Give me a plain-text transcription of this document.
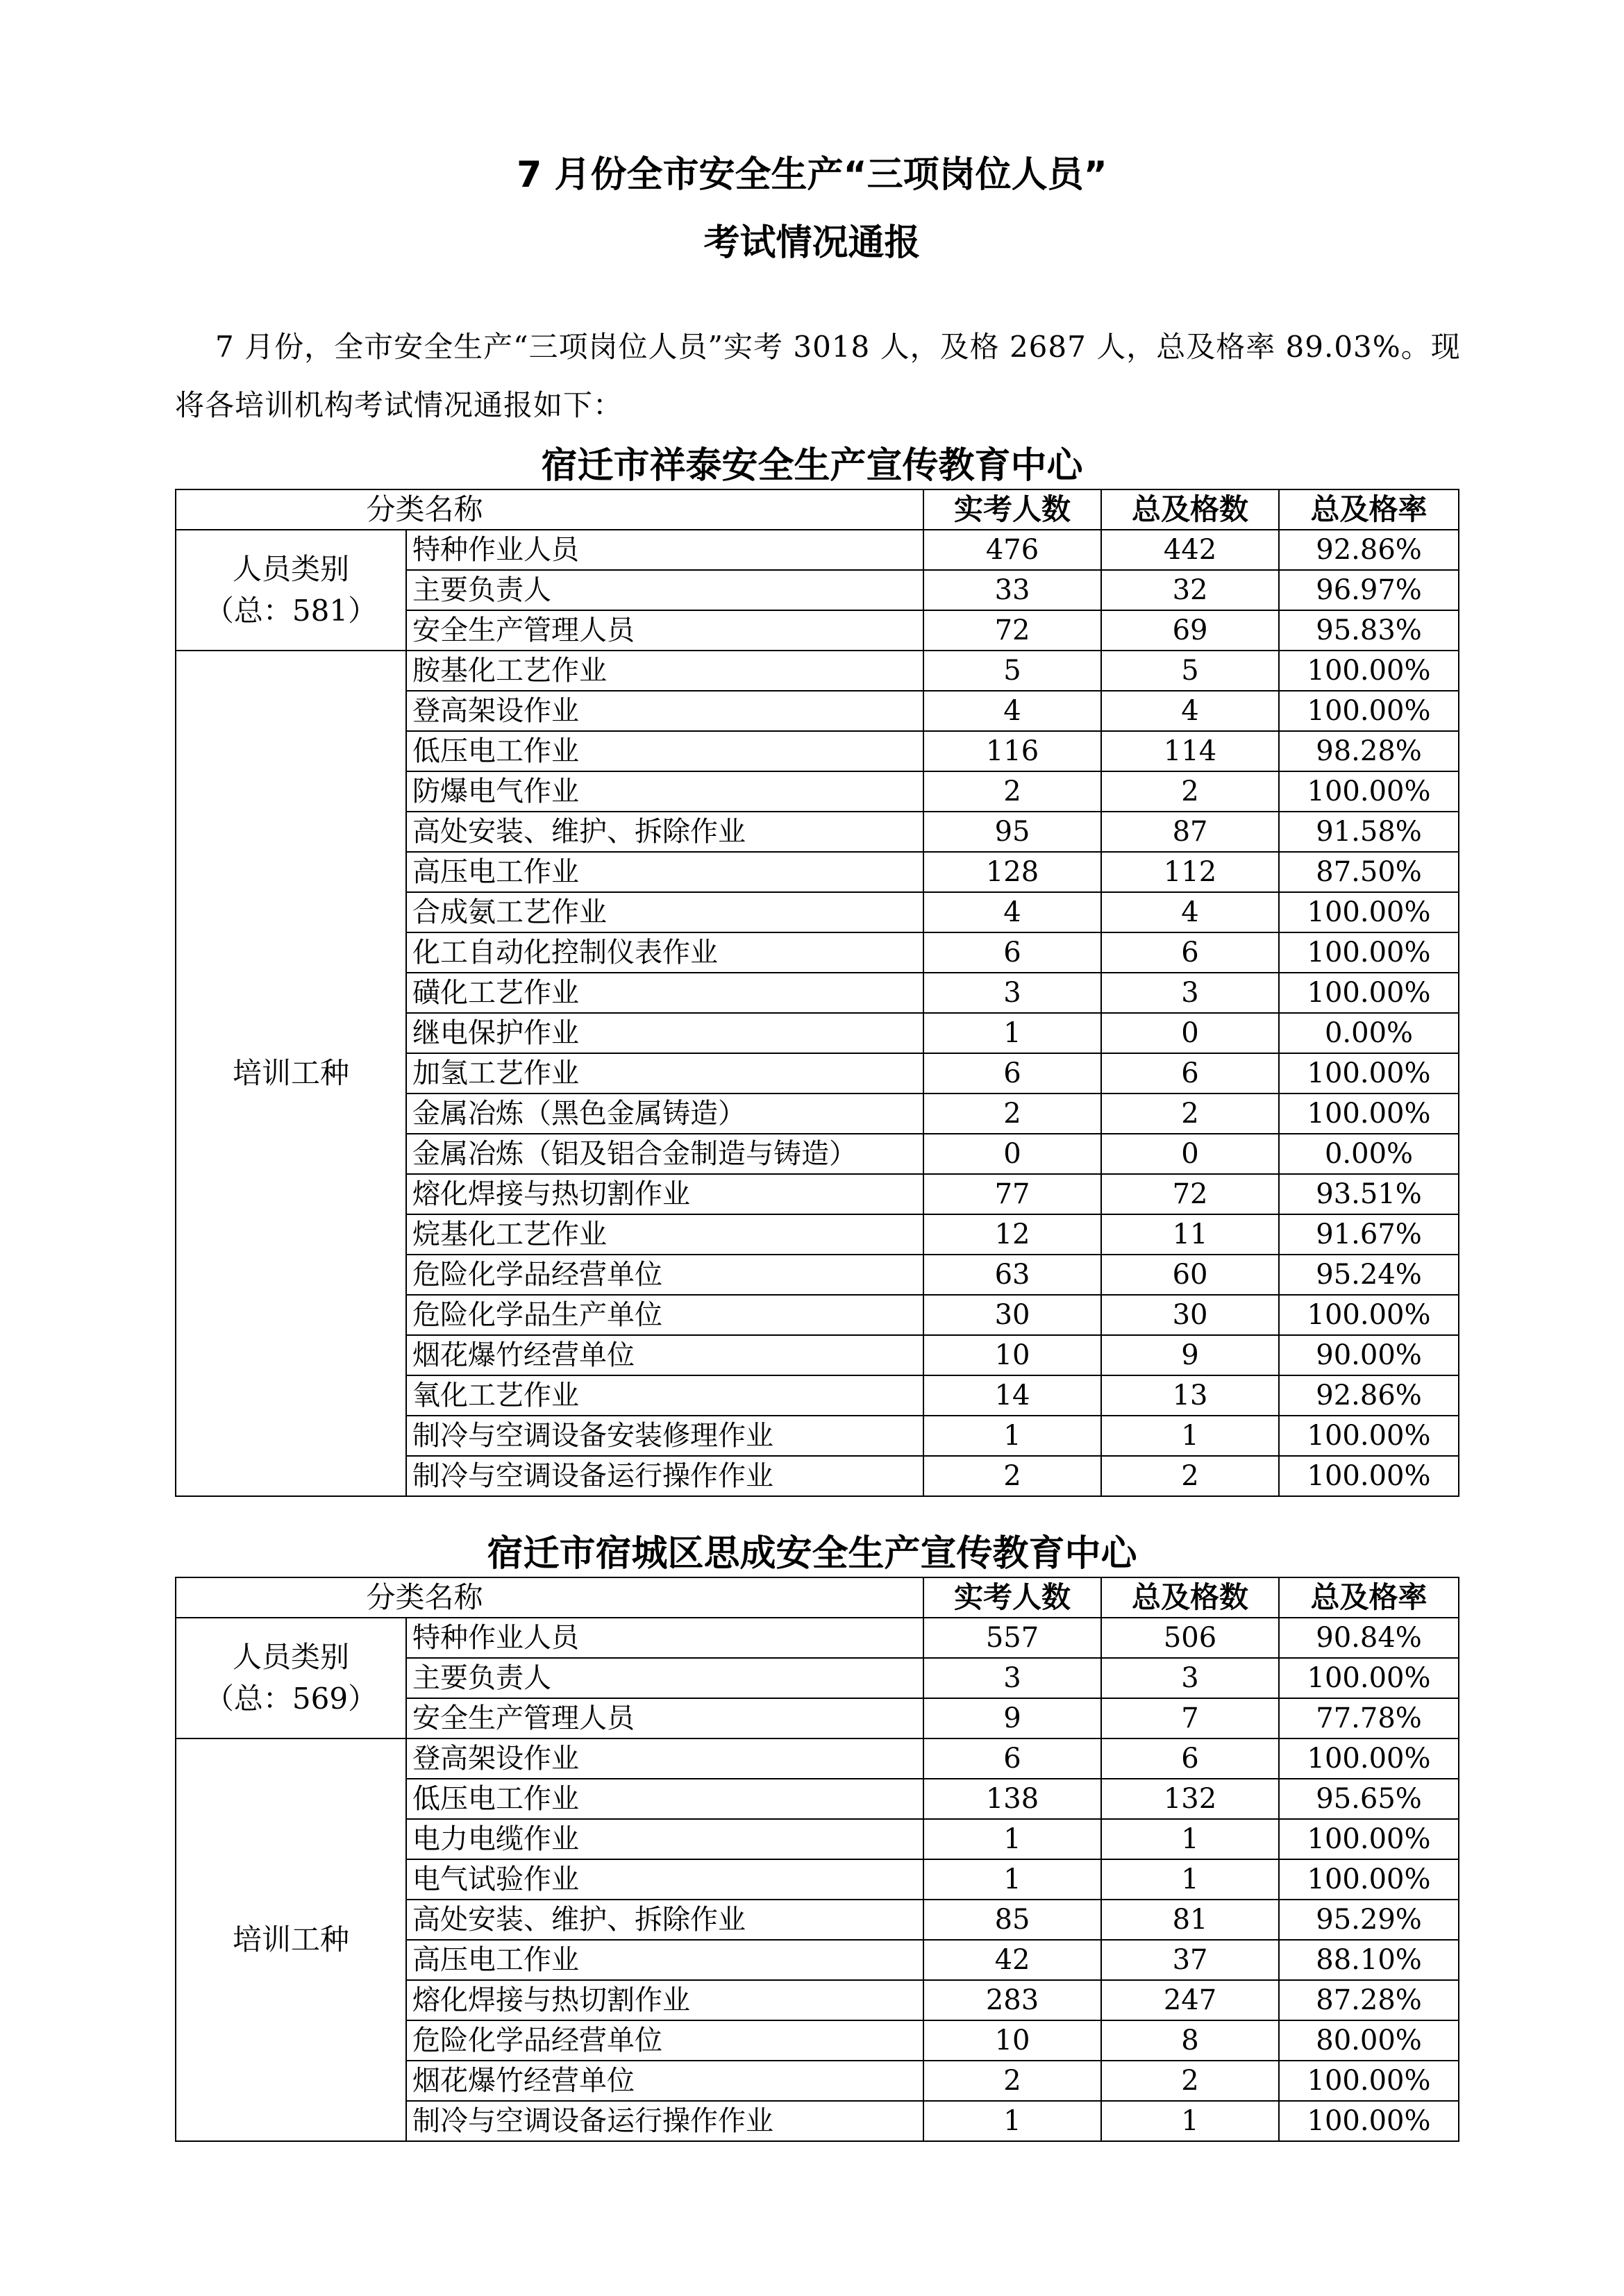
7 月份全市安全生产“三项岗位人员”
考试情况通报

7 月份，全市安全生产“三项岗位人员”实考 3018 人，及格 2687 人，总及格率 89.03%。现将各培训机构考试情况通报如下：

宿迁市祥泰安全生产宣传教育中心
分类名称		实考人数	总及格数	总及格率

人员类别
（总：581）	特种作业人员	476	442	92.86%
	主要负责人	33	32	96.97%
	安全生产管理人员	72	69	95.83%

培训工种	胺基化工艺作业	5	5	100.00%
	登高架设作业	4	4	100.00%
	低压电工作业	116	114	98.28%
	防爆电气作业	2	2	100.00%
	高处安装、维护、拆除作业	95	87	91.58%
	高压电工作业	128	112	87.50%
	合成氨工艺作业	4	4	100.00%
	化工自动化控制仪表作业	6	6	100.00%
	磺化工艺作业	3	3	100.00%
	继电保护作业	1	0	0.00%
	加氢工艺作业	6	6	100.00%
	金属冶炼（黑色金属铸造）	2	2	100.00%
	金属冶炼（铝及铝合金制造与铸造）	0	0	0.00%
	熔化焊接与热切割作业	77	72	93.51%
	烷基化工艺作业	12	11	91.67%
	危险化学品经营单位	63	60	95.24%
	危险化学品生产单位	30	30	100.00%
	烟花爆竹经营单位	10	9	90.00%
	氧化工艺作业	14	13	92.86%
	制冷与空调设备安装修理作业	1	1	100.00%
	制冷与空调设备运行操作作业	2	2	100.00%
宿迁市宿城区思成安全生产宣传教育中心
分类名称		实考人数	总及格数	总及格率

人员类别
（总：569）	特种作业人员	557	506	90.84%
	主要负责人	3	3	100.00%
	安全生产管理人员	9	7	77.78%

培训工种	登高架设作业	6	6	100.00%
	低压电工作业	138	132	95.65%
	电力电缆作业	1	1	100.00%
	电气试验作业	1	1	100.00%
	高处安装、维护、拆除作业	85	81	95.29%
	高压电工作业	42	37	88.10%
	熔化焊接与热切割作业	283	247	87.28%
	危险化学品经营单位	10	8	80.00%
	烟花爆竹经营单位	2	2	100.00%
	制冷与空调设备运行操作作业	1	1	100.00%
